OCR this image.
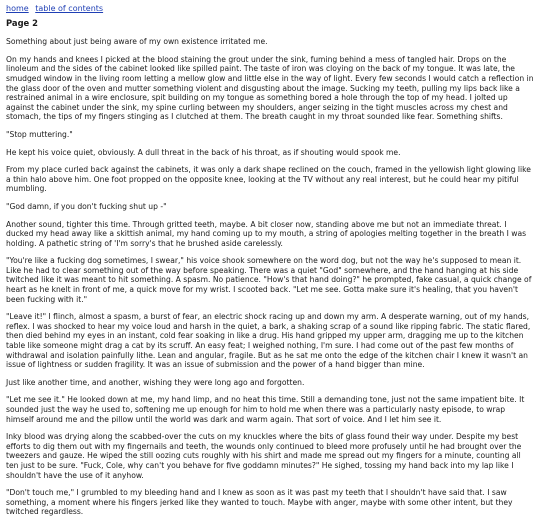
home table of contents
Page 2

Something about just being aware of my own existence irritated me.

On my hands and knees I picked at the blood staining the grout under the sink, fuming behind a mess of tangled hair. Drops on the linoleum and the sides of the cabinet looked like spilled paint. The taste of iron was cloying on the back of my tongue. It was late, the smudged window in the living room letting a mellow glow and little else in the way of light. Every few seconds I would catch a reflection in the glass door of the oven and mutter something violent and disgusting about the image. Sucking my teeth, pulling my lips back like a restrained animal in a wire enclosure, spit building on my tongue as something bored a hole through the top of my head. I jolted up against the cabinet under the sink, my spine curling between my shoulders, anger seizing in the tight muscles across my chest and stomach, the tips of my fingers stinging as I clutched at them. The breath caught in my throat sounded like fear. Something shifts.

"Stop muttering."

He kept his voice quiet, obviously. A dull threat in the back of his throat, as if shouting would spook me.

From my place curled back against the cabinets, it was only a dark shape reclined on the couch, framed in the yellowish light glowing like a thin halo above him. One foot propped on the opposite knee, looking at the TV without any real interest, but he could hear my pitiful mumbling.

"God damn, if you don't fucking shut up -"

Another sound, tighter this time. Through gritted teeth, maybe. A bit closer now, standing above me but not an immediate threat. I ducked my head away like a skittish animal, my hand coming up to my mouth, a string of apologies melting together in the breath I was holding. A pathetic string of 'I'm sorry's that he brushed aside carelessly.

"You're like a fucking dog sometimes, I swear," his voice shook somewhere on the word dog, but not the way he's supposed to mean it. Like he had to clear something out of the way before speaking. There was a quiet "God" somewhere, and the hand hanging at his side twitched like it was meant to hit something. A spasm. No patience. "How's that hand doing?" he prompted, fake casual, a quick change of heart as he knelt in front of me, a quick move for my wrist. I scooted back. "Let me see. Gotta make sure it's healing, that you haven't been fucking with it."

"Leave it!" I flinch, almost a spasm, a burst of fear, an electric shock racing up and down my arm. A desperate warning, out of my hands, reflex. I was shocked to hear my voice loud and harsh in the quiet, a bark, a shaking scrap of a sound like ripping fabric. The static flared, then died behind my eyes in an instant, cold fear soaking in like a drug. His hand gripped my upper arm, dragging me up to the kitchen table like someone might drag a cat by its scruff. An easy feat; I weighed nothing, I'm sure. I had come out of the past few months of withdrawal and isolation painfully lithe. Lean and angular, fragile. But as he sat me onto the edge of the kitchen chair I knew it wasn't an issue of lightness or sudden fragility. It was an issue of submission and the power of a hand bigger than mine.

Just like another time, and another, wishing they were long ago and forgotten.

"Let me see it." He looked down at me, my hand limp, and no heat this time. Still a demanding tone, just not the same impatient bite. It sounded just the way he used to, softening me up enough for him to hold me when there was a particularly nasty episode, to wrap himself around me and the pillow until the world was dark and warm again. That sort of voice. And I let him see it.

Inky blood was drying along the scabbed-over the cuts on my knuckles where the bits of glass found their way under. Despite my best efforts to dig them out with my fingernails and teeth, the wounds only continued to bleed more profusely until he had brought over the tweezers and gauze. He wiped the still oozing cuts roughly with his shirt and made me spread out my fingers for a minute, counting all ten just to be sure. "Fuck, Cole, why can't you behave for five goddamn minutes?" He sighed, tossing my hand back into my lap like I shouldn't have the use of it anyhow.

"Don't touch me," I grumbled to my bleeding hand and I knew as soon as it was past my teeth that I shouldn't have said that. I saw something, a moment where his fingers jerked like they wanted to touch. Maybe with anger, maybe with some other intent, but they twitched regardless.
